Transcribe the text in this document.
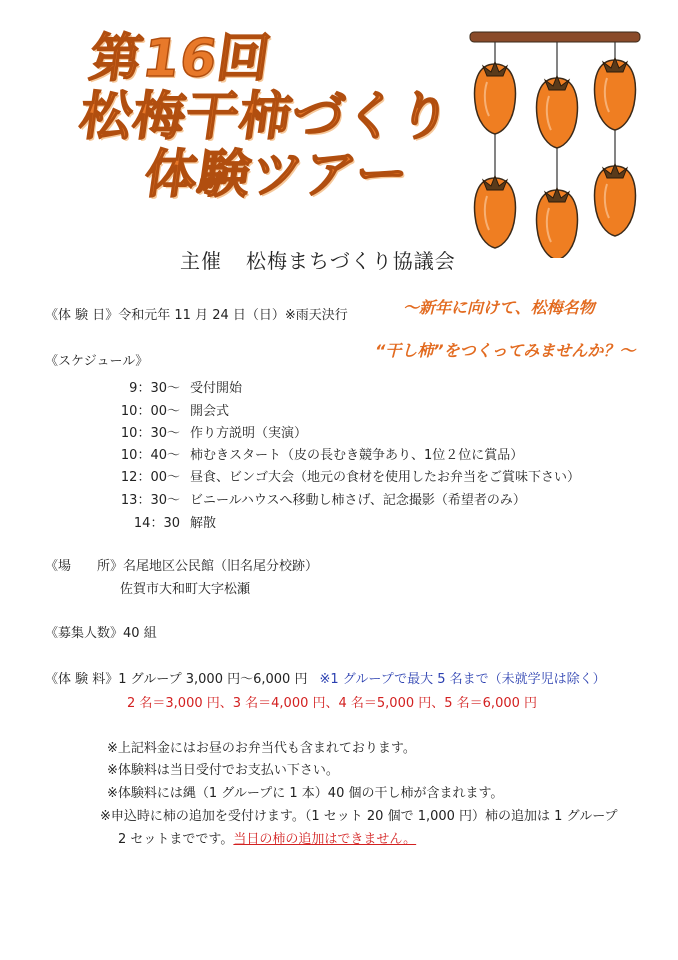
第16回
松梅干柿づくり
体験ツアー
主催 松梅まちづくり協議会
～新年に向けて、松梅名物
“干し柿”をつくってみませんか？～
《体 験 日》令和元年 11 月 24 日（日）※雨天決行
《スケジュール》
9：30～ 受付開始
10：00～ 開会式
10：30～ 作り方説明（実演）
10：40～ 柿むきスタート（皮の長むき競争あり、1位２位に賞品）
12：00～ 昼食、ビンゴ大会（地元の食材を使用したお弁当をご賞味下さい）
13：30～ ビニールハウスへ移動し柿さげ、記念撮影（希望者のみ）
14：30 解散
《場　　所》名尾地区公民館（旧名尾分校跡）
佐賀市大和町大字松瀬
《募集人数》40 組
《体 験 料》1 グループ 3,000 円～6,000 円 ※1 グループで最大 5 名まで（未就学児は除く）
2 名＝3,000 円、3 名＝4,000 円、4 名＝5,000 円、5 名＝6,000 円
※上記料金にはお昼のお弁当代も含まれております。
※体験料は当日受付でお支払い下さい。
※体験料には縄（1 グループに 1 本）40 個の干し柿が含まれます。
※申込時に柿の追加を受付けます。（1 セット 20 個で 1,000 円）柿の追加は 1 グループ
2 セットまでです。当日の柿の追加はできません。
